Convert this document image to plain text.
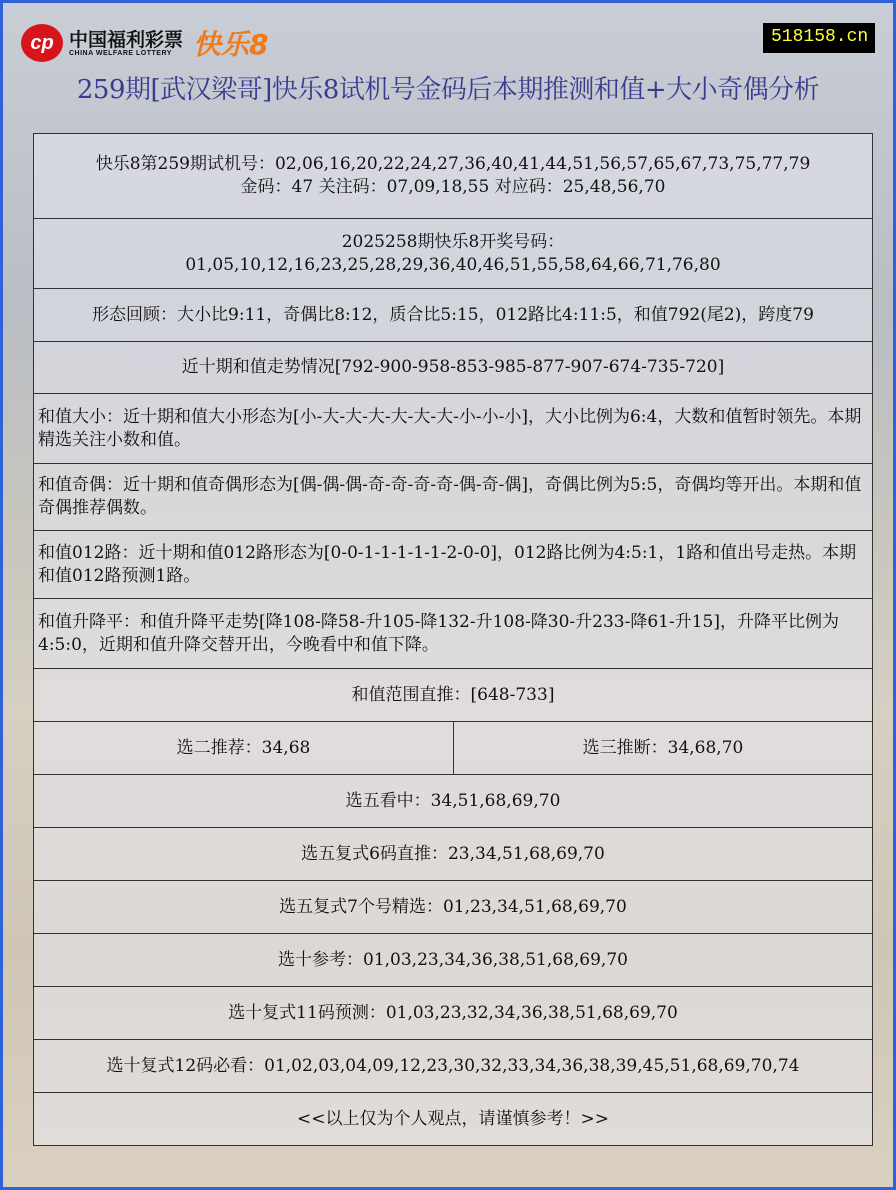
cp 中国福利彩票
CHINA WELFARE LOTTERY 快乐8	518158.cn
259期[武汉梁哥]快乐8试机号金码后本期推测和值+大小奇偶分析
快乐8第259期试机号：02,06,16,20,22,24,27,36,40,41,44,51,56,57,65,67,73,75,77,79
金码：47 关注码：07,09,18,55 对应码：25,48,56,70

2025258期快乐8开奖号码：
01,05,10,12,16,23,25,28,29,36,40,46,51,55,58,64,66,71,76,80

形态回顾：大小比9:11，奇偶比8:12，质合比5:15，012路比4:11:5，和值792(尾2)，跨度79
近十期和值走势情况[792-900-958-853-985-877-907-674-735-720]
和值大小：近十期和值大小形态为[小-大-大-大-大-大-大-小-小-小]，大小比例为6:4，大数和值暂时领先。本期精选关注小数和值。
和值奇偶：近十期和值奇偶形态为[偶-偶-偶-奇-奇-奇-奇-偶-奇-偶]，奇偶比例为5:5，奇偶均等开出。本期和值奇偶推荐偶数。
和值012路：近十期和值012路形态为[0-0-1-1-1-1-1-2-0-0]，012路比例为4:5:1，1路和值出号走热。本期和值012路预测1路。
和值升降平：和值升降平走势[降108-降58-升105-降132-升108-降30-升233-降61-升15]，升降平比例为4:5:0，近期和值升降交替开出，今晚看中和值下降。
和值范围直推：[648-733]
选二推荐：34,68	选三推断：34,68,70
选五看中：34,51,68,69,70
选五复式6码直推：23,34,51,68,69,70
选五复式7个号精选：01,23,34,51,68,69,70
选十参考：01,03,23,34,36,38,51,68,69,70
选十复式11码预测：01,03,23,32,34,36,38,51,68,69,70
选十复式12码必看：01,02,03,04,09,12,23,30,32,33,34,36,38,39,45,51,68,69,70,74
<<以上仅为个人观点，请谨慎参考！>>
